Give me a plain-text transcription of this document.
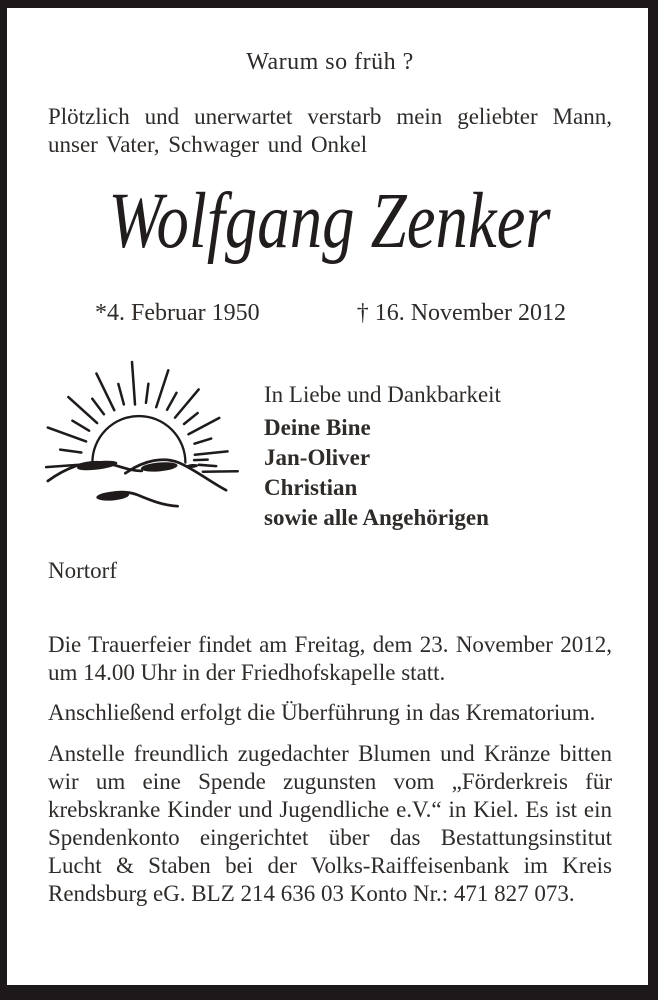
Warum so früh ?

Plötzlich und unerwartet verstarb mein geliebter Mann, unser Vater, Schwager und Onkel

Wolfgang Zenker
*4. Februar 1950	† 16. November 2012
In Liebe und Dankbarkeit
Deine Bine
Jan-Oliver
Christian
sowie alle Angehörigen
Nortorf

Die Trauerfeier findet am Freitag, dem 23. November 2012, um 14.00 Uhr in der Friedhofskapelle statt.

Anschließend erfolgt die Überführung in das Krematorium.

Anstelle freundlich zugedachter Blumen und Kränze bitten wir um eine Spende zugunsten vom „Förderkreis für krebskranke Kinder und Jugendliche e.V.“ in Kiel. Es ist ein Spendenkonto eingerichtet über das Bestattungsinstitut Lucht & Staben bei der Volks-Raiffeisenbank im Kreis Rendsburg eG. BLZ 214 636 03 Konto Nr.: 471 827 073.
